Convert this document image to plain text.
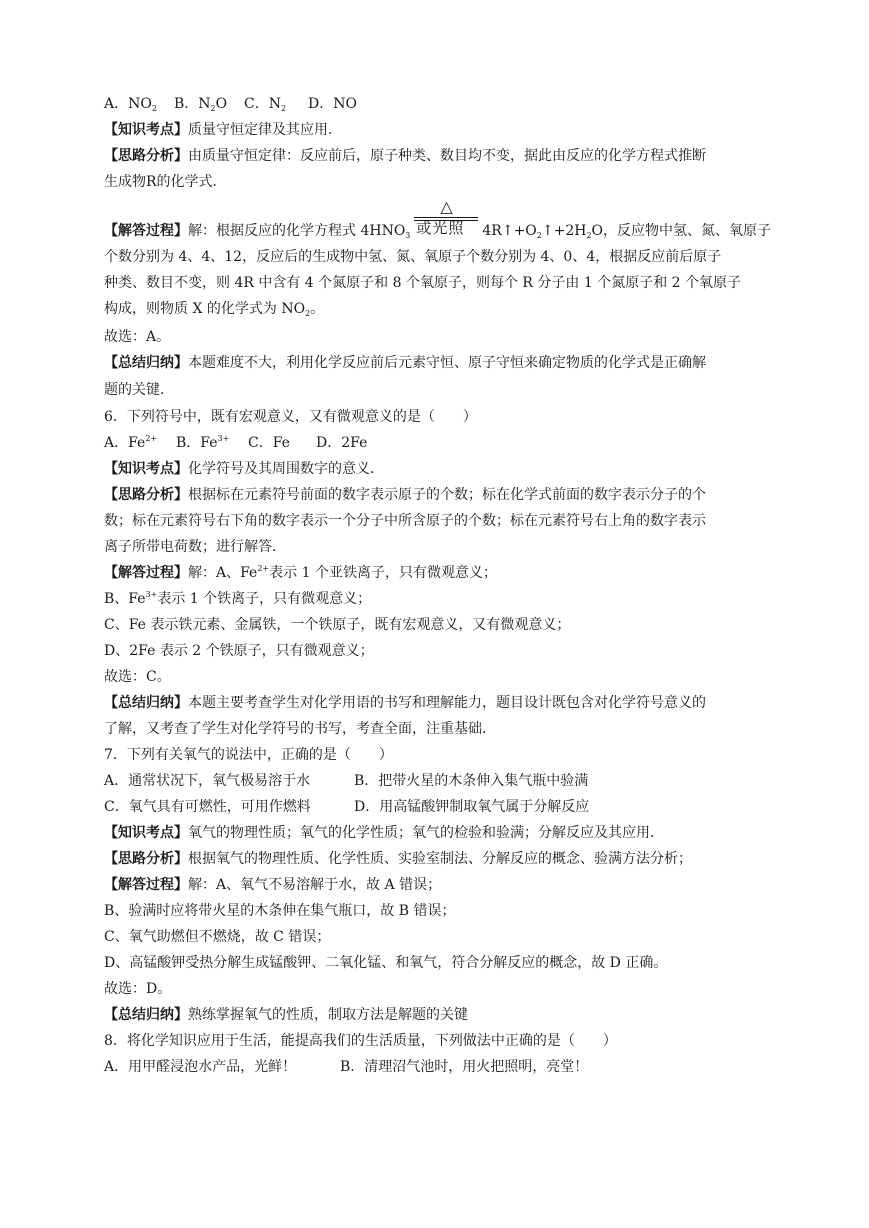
A．$NO_2$ B．$N_2O$ C．$N_2$ D．NO
【知识考点】质量守恒定律及其应用．
【思路分析】由质量守恒定律：反应前后，原子种类、数目均不变，据此由反应的化学方程式推断
生成物R的化学式．
【解答过程】解：根据反应的化学方程式 $4HNO_3$
△
或光照 $4R↑+O_2↑+2H_2O$，反应物中氢、氮、氧原子
个数分别为 4、4、12，反应后的生成物中氢、氮、氧原子个数分别为 4、0、4，根据反应前后原子
种类、数目不变，则 4R 中含有 4 个氮原子和 8 个氧原子，则每个 R 分子由 1 个氮原子和 2 个氧原子
构成，则物质 X 的化学式为 $NO_2$。
故选：A。
【总结归纳】本题难度不大，利用化学反应前后元素守恒、原子守恒来确定物质的化学式是正确解
题的关键．
6．下列符号中，既有宏观意义，又有微观意义的是（　　）
A．$Fe^{2+}$ B．$Fe^{3+}$ C．Fe D．2Fe
【知识考点】化学符号及其周围数字的意义．
【思路分析】根据标在元素符号前面的数字表示原子的个数；标在化学式前面的数字表示分子的个
数；标在元素符号右下角的数字表示一个分子中所含原子的个数；标在元素符号右上角的数字表示
离子所带电荷数；进行解答．
【解答过程】解：A、$Fe^{2+}$表示 1 个亚铁离子，只有微观意义；
B、$Fe^{3+}$表示 1 个铁离子，只有微观意义；
C、Fe 表示铁元素、金属铁，一个铁原子，既有宏观意义，又有微观意义；
D、2Fe 表示 2 个铁原子，只有微观意义；
故选：C。
【总结归纳】本题主要考查学生对化学用语的书写和理解能力，题目设计既包含对化学符号意义的
了解，又考查了学生对化学符号的书写，考查全面，注重基础．
7．下列有关氧气的说法中，正确的是（　　）
A．通常状况下，氧气极易溶于水	B．把带火星的木条伸入集气瓶中验满
C．氧气具有可燃性，可用作燃料	D．用高锰酸钾制取氧气属于分解反应
【知识考点】氧气的物理性质；氧气的化学性质；氧气的检验和验满；分解反应及其应用．
【思路分析】根据氧气的物理性质、化学性质、实验室制法、分解反应的概念、验满方法分析；
【解答过程】解：A、氧气不易溶解于水，故 A 错误；
B、验满时应将带火星的木条伸在集气瓶口，故 B 错误；
C、氧气助燃但不燃烧，故 C 错误；
D、高锰酸钾受热分解生成锰酸钾、二氧化锰、和氧气，符合分解反应的概念，故 D 正确。
故选：D。
【总结归纳】熟练掌握氧气的性质，制取方法是解题的关键
8．将化学知识应用于生活，能提高我们的生活质量，下列做法中正确的是（　　）
A．用甲醛浸泡水产品，光鲜！	B．清理沼气池时，用火把照明，亮堂！
